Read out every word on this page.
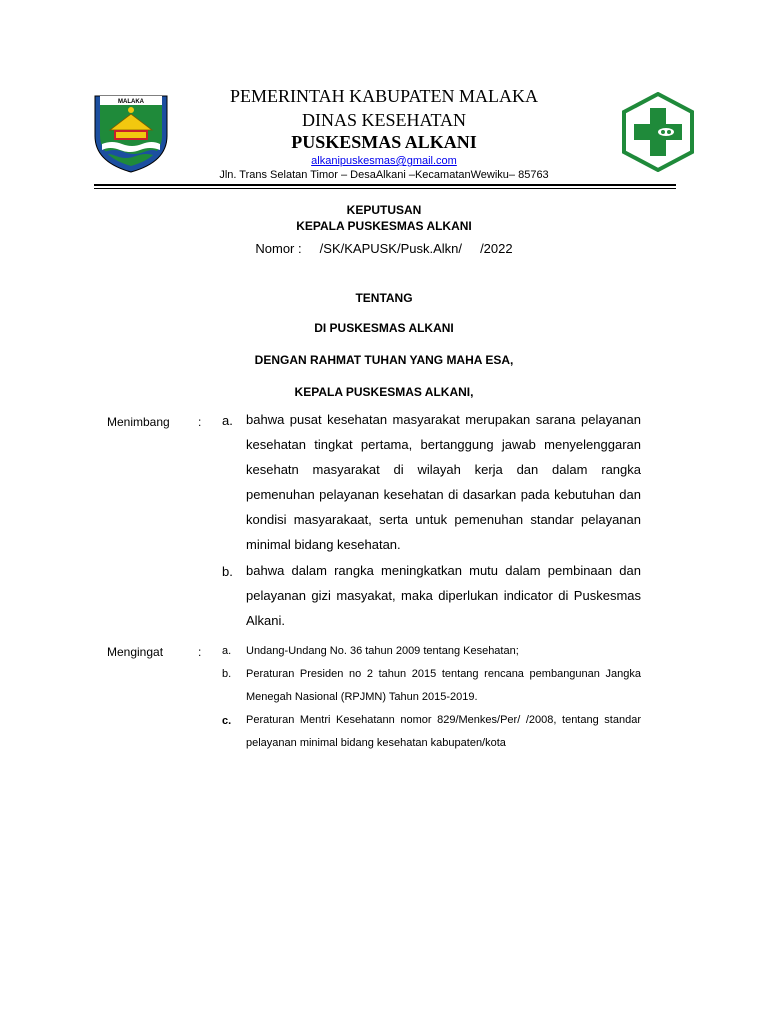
MALAKA	PEMERINTAH KABUPATEN MALAKA
DINAS KESEHATAN
PUSKESMAS ALKANI
alkanipuskesmas@gmail.com
Jln. Trans Selatan Timor – DesaAlkani –KecamatanWewiku– 85763
KEPUTUSAN
KEPALA PUSKESMAS ALKANI
Nomor : /SK/KAPUSK/Pusk.Alkn/     /2022
TENTANG
DI PUSKESMAS ALKANI
DENGAN RAHMAT TUHAN YANG MAHA ESA,
KEPALA PUSKESMAS ALKANI,
Menimbang : a. bahwa pusat kesehatan masyarakat merupakan sarana pelayanan kesehatan tingkat pertama, bertanggung jawab menyelenggaran kesehatn masyarakat di wilayah kerja dan dalam rangka pemenuhan pelayanan kesehatan di dasarkan pada kebutuhan dan kondisi masyarakaat, serta untuk pemenuhan standar pelayanan minimal bidang kesehatan.
b. bahwa dalam rangka meningkatkan mutu dalam pembinaan dan pelayanan gizi masyakat, maka diperlukan indicator di Puskesmas Alkani.
Mengingat	: a. Undang-Undang No. 36 tahun 2009 tentang Kesehatan;
b. Peraturan Presiden no 2 tahun 2015 tentang rencana pembangunan Jangka Menegah Nasional (RPJMN) Tahun 2015-2019.
c. Peraturan Mentri Kesehatann nomor 829/Menkes/Per/ /2008, tentang standar pelayanan minimal bidang kesehatan kabupaten/kota
